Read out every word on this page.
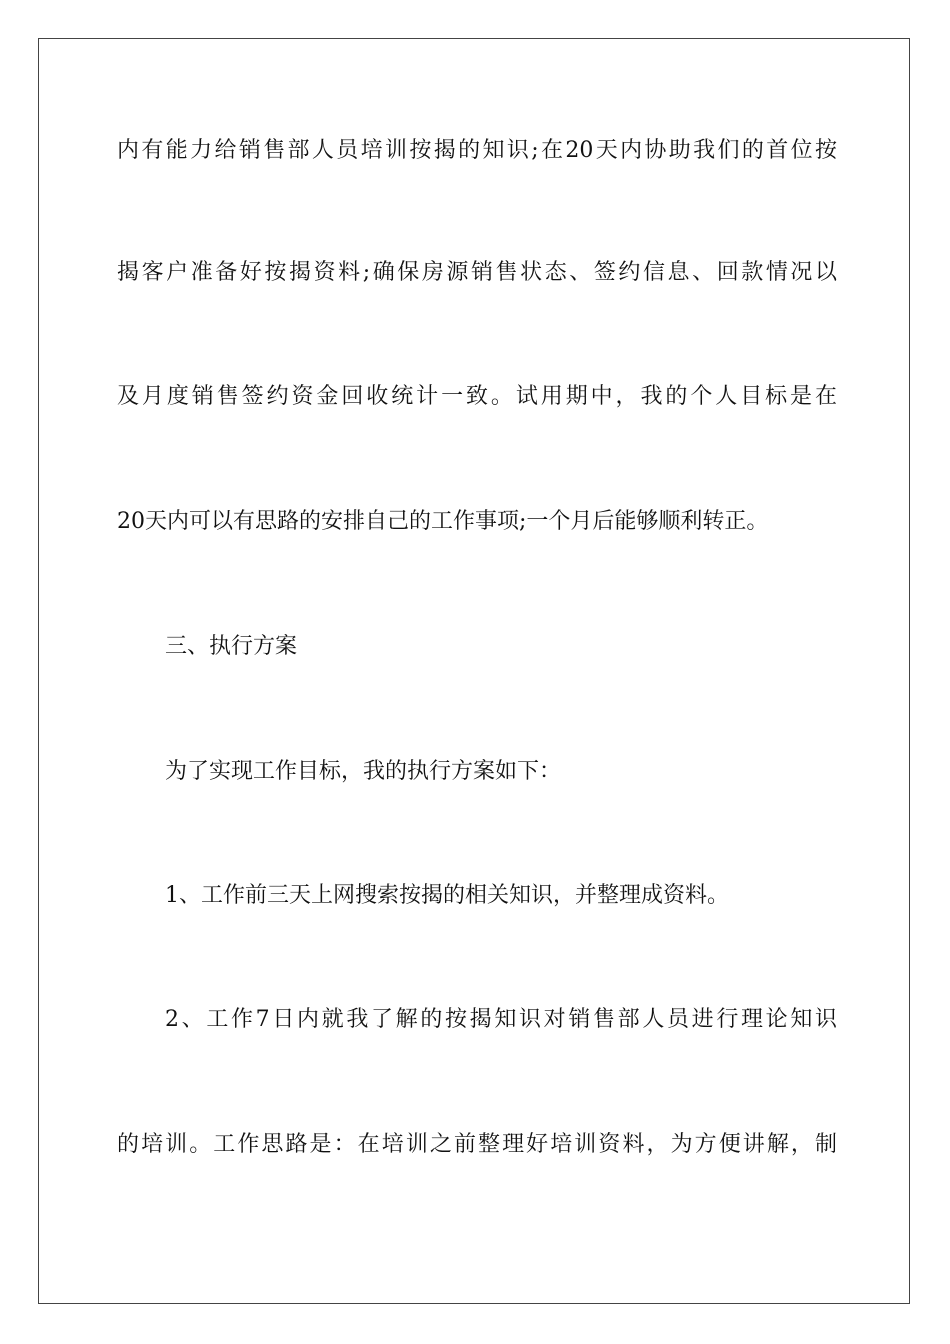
内有能力给销售部人员培训按揭的知识;在20天内协助我们的首位按
揭客户准备好按揭资料;确保房源销售状态、签约信息、回款情况以
及月度销售签约资金回收统计一致。试用期中，我的个人目标是在
20天内可以有思路的安排自己的工作事项;一个月后能够顺利转正。
三、执行方案
为了实现工作目标，我的执行方案如下：
1、工作前三天上网搜索按揭的相关知识，并整理成资料。
2、工作7日内就我了解的按揭知识对销售部人员进行理论知识
的培训。工作思路是：在培训之前整理好培训资料，为方便讲解，制
